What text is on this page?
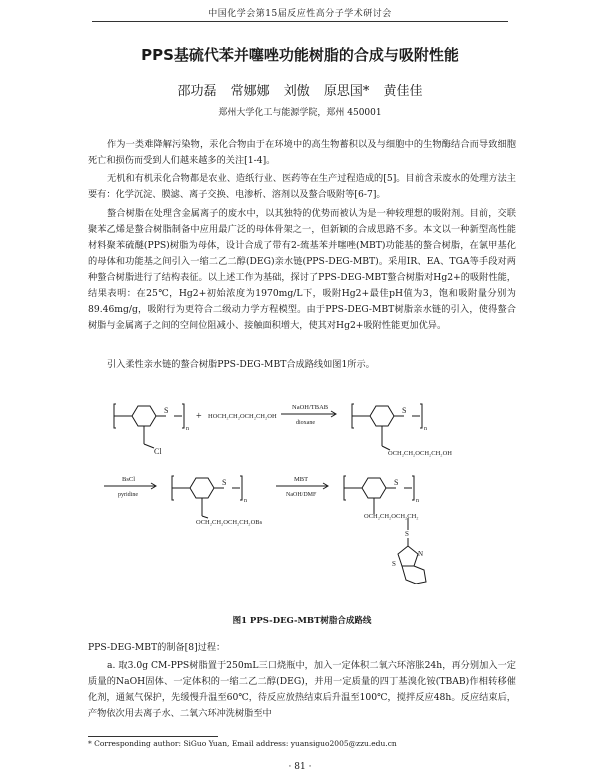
中国化学会第15届反应性高分子学术研讨会
PPS基硫代苯并噻唑功能树脂的合成与吸附性能
邵功磊 常娜娜 刘傲 原思国* 黄佳佳
郑州大学化工与能源学院，郑州 450001

作为一类难降解污染物，汞化合物由于在环境中的高生物蓄积以及与细胞中的生物酶结合而导致细胞死亡和损伤而受到人们越来越多的关注[1-4]。

无机和有机汞化合物都是农业、造纸行业、医药等在生产过程造成的[5]。目前含汞废水的处理方法主要有：化学沉淀、膜滤、离子交换、电渗析、溶剂以及螯合吸附等[6-7]。

螯合树脂在处理含金属离子的废水中，以其独特的优势而被认为是一种较理想的吸附剂。目前，交联聚苯乙烯是螯合树脂制备中应用最广泛的母体骨架之一，但新颖的合成思路不多。本文以一种新型高性能材料聚苯硫醚(PPS)树脂为母体，设计合成了带有2-巯基苯并噻唑(MBT)功能基的螯合树脂，在氯甲基化的母体和功能基之间引入一缩二乙二醇(DEG)亲水链(PPS-DEG-MBT)。采用IR、EA、TGA等手段对两种螯合树脂进行了结构表征。以上述工作为基础，探讨了PPS-DEG-MBT螯合树脂对Hg2+的吸附性能，结果表明：在25℃，Hg2+初始浓度为1970mg/L下，吸附Hg2+最佳pH值为3，饱和吸附量分别为89.46mg/g，吸附行为更符合二级动力学方程模型。由于PPS-DEG-MBT树脂亲水链的引入，使得螯合树脂与金属离子之间的空间位阻减小、接触面积增大，使其对Hg2+吸附性能更加优异。

引入柔性亲水链的螯合树脂PPS-DEG-MBT合成路线如图1所示。

S
n
Cl
+ HOCH₂CH₂OCH₂CH₂OH
NaOH/TBAB
dioxane
S
n
OCH₂CH₂OCH₂CH₂OH
BsCl
pyridine
S
n
OCH₂CH₂OCH₂CH₂OBs
MBT
NaOH/DMF
S
n
OCH₂CH₂OCH₂CH₂
S
S
N
图1 PPS-DEG-MBT树脂合成路线

PPS-DEG-MBT的制备[8]过程：

a. 取3.0g CM-PPS树脂置于250mL三口烧瓶中，加入一定体积二氧六环溶胀24h，再分别加入一定质量的NaOH固体、一定体积的一缩二乙二醇(DEG)，并用一定质量的四丁基溴化铵(TBAB)作相转移催化剂，通氮气保护，先缓慢升温至60℃，待反应放热结束后升温至100℃，搅拌反应48h。反应结束后，产物依次用去离子水、二氧六环冲洗树脂至中

* Corresponding author: SiGuo Yuan, Email address: yuansiguo2005@zzu.edu.cn
· 81 ·
